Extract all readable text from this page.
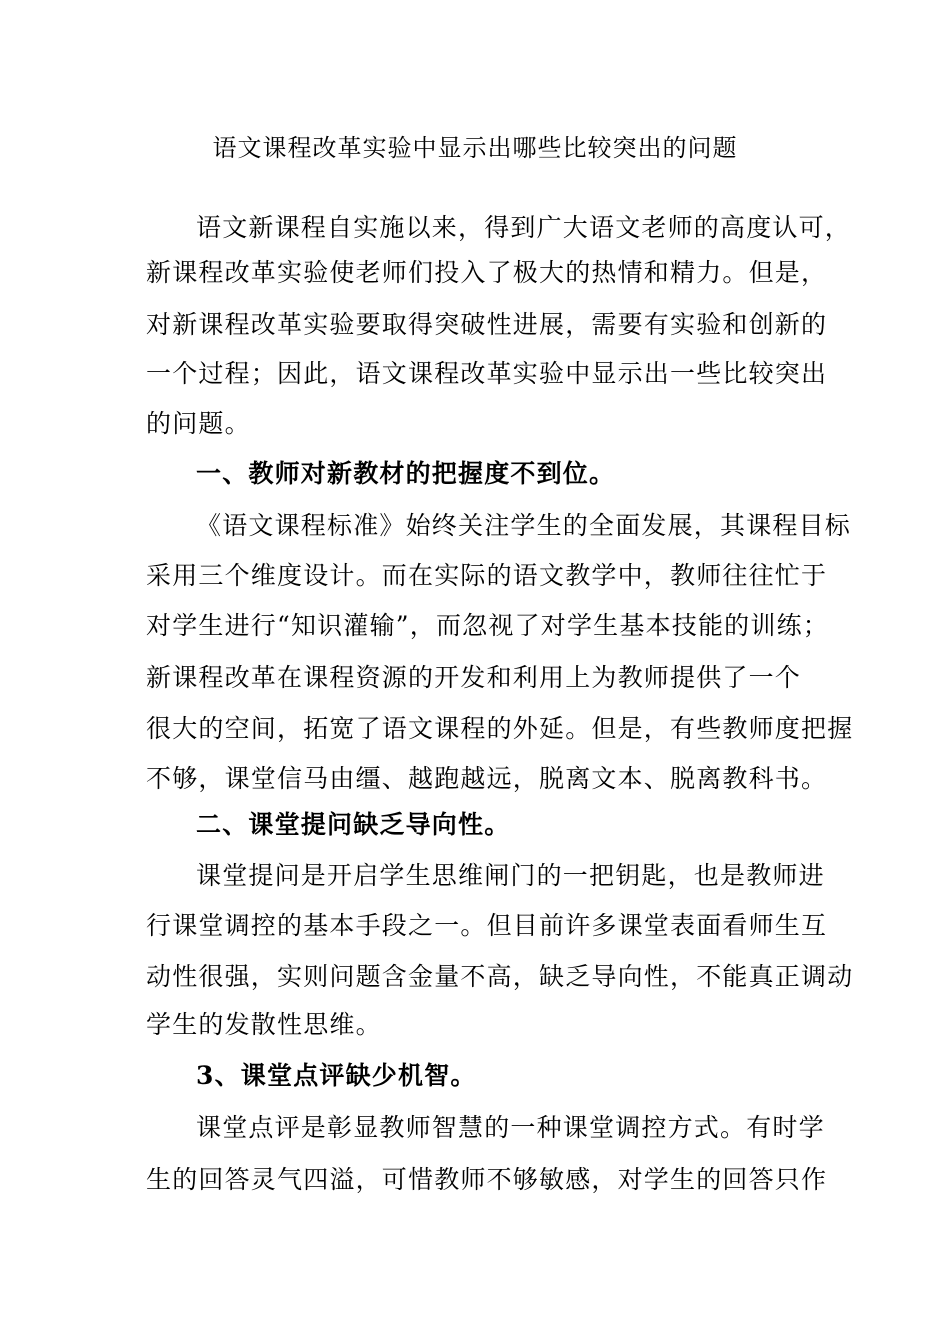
语文课程改革实验中显示出哪些比较突出的问题
语文新课程自实施以来，得到广大语文老师的高度认可，
新课程改革实验使老师们投入了极大的热情和精力。但是，
对新课程改革实验要取得突破性进展，需要有实验和创新的
一个过程；因此，语文课程改革实验中显示出一些比较突出
的问题。
一、教师对新教材的把握度不到位。
《语文课程标准》始终关注学生的全面发展，其课程目标
采用三个维度设计。而在实际的语文教学中，教师往往忙于
对学生进行“知识灌输”，而忽视了对学生基本技能的训练；
新课程改革在课程资源的开发和利用上为教师提供了一个
很大的空间，拓宽了语文课程的外延。但是，有些教师度把握
不够，课堂信马由缰、越跑越远，脱离文本、脱离教科书。
二、课堂提问缺乏导向性。
课堂提问是开启学生思维闸门的一把钥匙，也是教师进
行课堂调控的基本手段之一。但目前许多课堂表面看师生互
动性很强，实则问题含金量不高，缺乏导向性，不能真正调动
学生的发散性思维。
3、课堂点评缺少机智。
课堂点评是彰显教师智慧的一种课堂调控方式。有时学
生的回答灵气四溢，可惜教师不够敏感，对学生的回答只作
